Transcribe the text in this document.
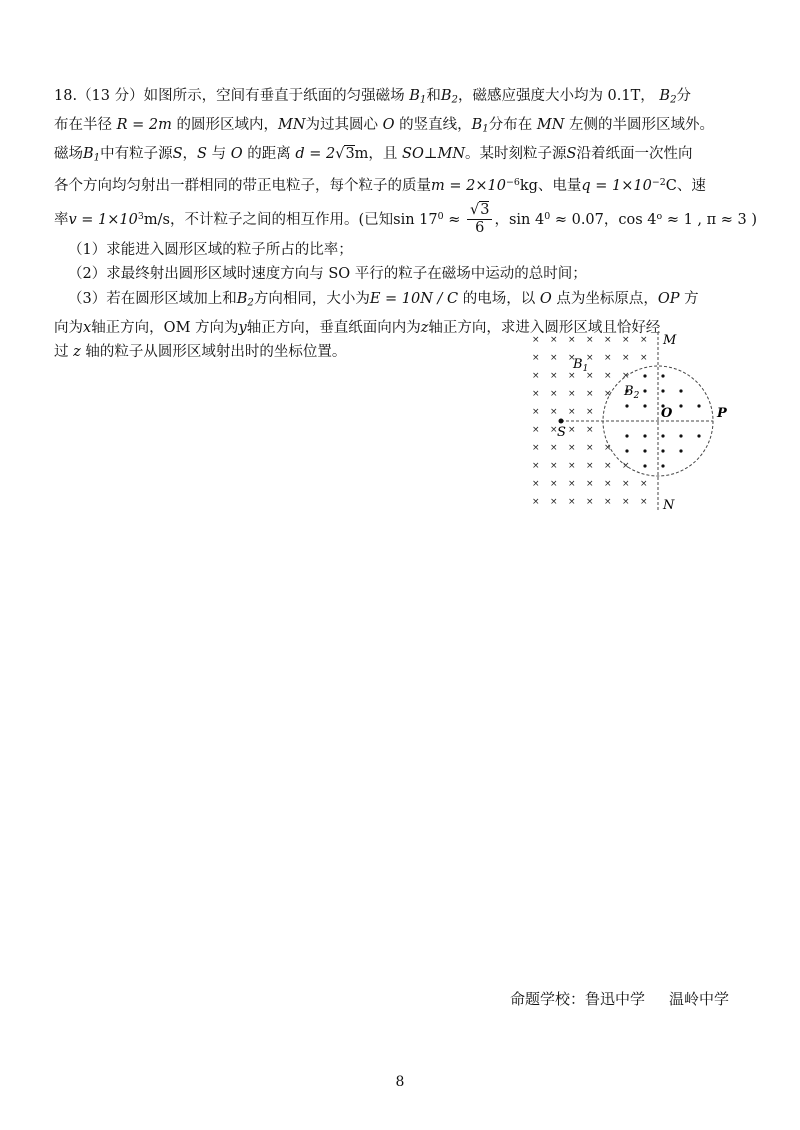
18.（13 分）如图所示，空间有垂直于纸面的匀强磁场 $B_1$和$B_2$，磁感应强度大小均为 0.1T， $B_2$分
布在半径 R = 2m 的圆形区域内，MN为过其圆心 O 的竖直线，$B_1$分布在 MN 左侧的半圆形区域外。
磁场$B_1$中有粒子源S，S 与 O 的距离 d = 2√3m，且 SO⊥MN。某时刻粒子源S沿着纸面一次性向
各个方向均匀射出一群相同的带正电粒子，每个粒子的质量$m = 2\times 10^{-6}kg$、电量$q = 1\times 10^{-2}C$、速
率$v = 1\times 10^3m/s$，不计粒子之间的相互作用。(已知$\sin 17^0 \approx \frac{√3}{6}$ ，$\sin 4^0 \approx 0.07$，$\cos 4^o \approx 1$ , π ≈ 3 )
（1）求能进入圆形区域的粒子所占的比率；
（2）求最终射出圆形区域时速度方向与 SO 平行的粒子在磁场中运动的总时间；
（3）若在圆形区域加上和$B_2$方向相同，大小为E = 10N / C 的电场，以 O 点为坐标原点，OP 方
向为x轴正方向，OM 方向为y轴正方向，垂直纸面向内为z轴正方向，求进入圆形区域且恰好经
过 z 轴的粒子从圆形区域射出时的坐标位置。
× × × × × × ×
× × × × × × ×
× × × × × ×
× × × × ×
× × × ×
× × × ×
× × × × ×
× × × × × ×
× × × × × × ×
× × × × × × ×
M
N
O	P
S
$B_1$
$B_2$
命题学校：鲁迅中学 温岭中学
8
